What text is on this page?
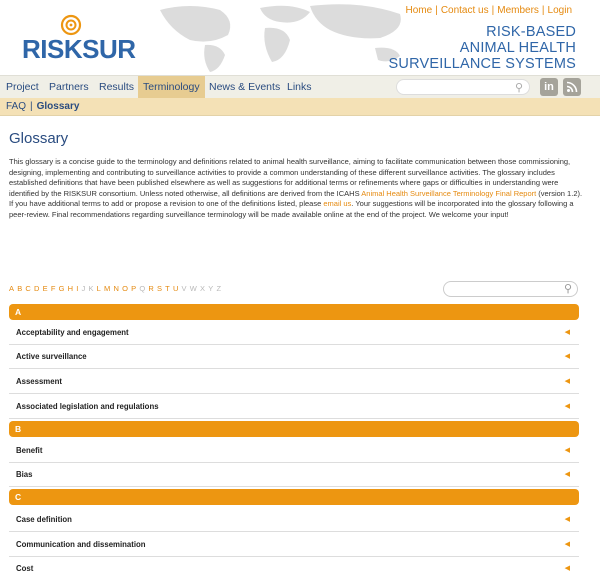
RISKSUR
Home | Contact us | Members | Login
RISK-BASED
ANIMAL HEALTH
SURVEILLANCE SYSTEMS
Project Partners Results Terminology News & Events Links	⚲	in
FAQ | Glossary
Glossary
This glossary is a concise guide to the terminology and definitions related to animal health surveillance, aiming to facilitate communication between those commissioning, designing, implementing and contributing to surveillance activities to provide a common understanding of these different surveillance activities. The glossary includes established definitions that have been published elsewhere as well as suggestions for additional terms or refinements where gaps or difficulties in understanding were identified by the RISKSUR consortium. Unless noted otherwise, all definitions are derived from the ICAHS Animal Health Surveillance Terminology Final Report (version 1.2).
If you have additional terms to add or propose a revision to one of the definitions listed, please email us. Your suggestions will be incorporated into the glossary following a peer-review. Final recommendations regarding surveillance terminology will be made available online at the end of the project. We welcome your input!
A B C D E F G H I J K L M N O P Q R S T U V W X Y Z	⚲
A
Acceptability and engagement	◀
Active surveillance	◀
Assessment	◀
Associated legislation and regulations	◀
B
Benefit	◀
Bias	◀
C
Case definition	◀
Communication and dissemination	◀
Cost	◀
